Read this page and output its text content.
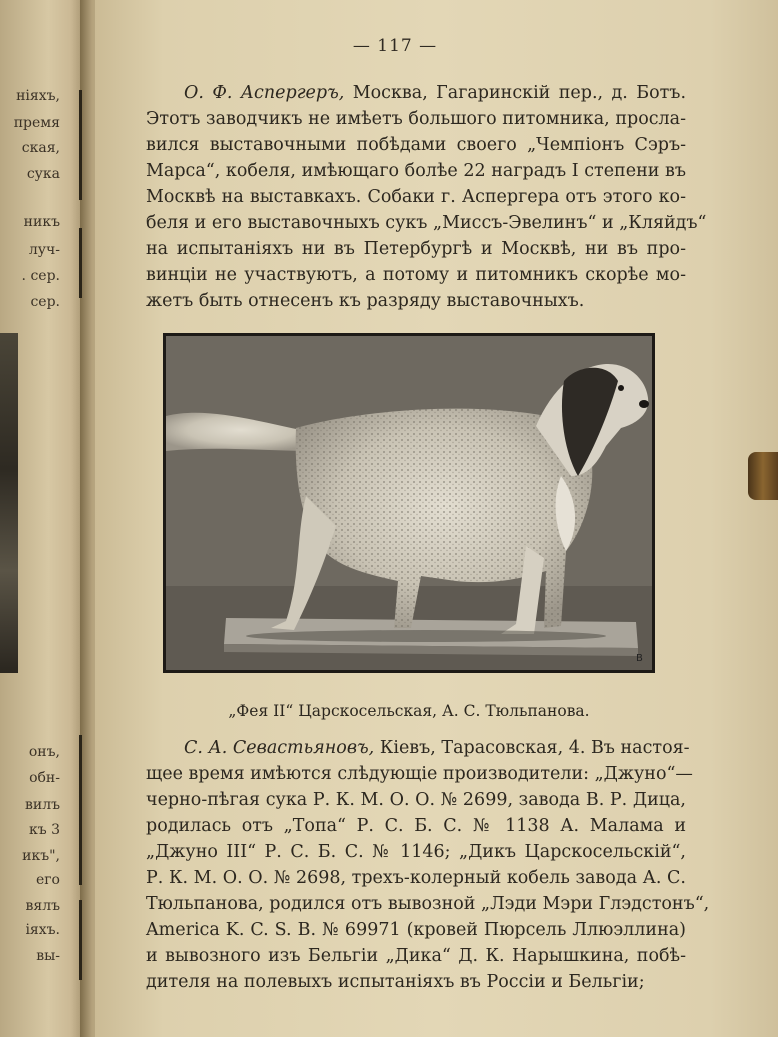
ніяхъ,
премя
ская,
сука
никъ
луч-
. сер.
сер.
онъ,
обн-
вилъ
къ 3
икъ",
его
вялъ
іяхъ.
вы-
— 117 —
О. Ф. Аспергеръ, Москва, Гагаринскій пер., д. Ботъ.
Этотъ заводчикъ не имѣетъ большого питомника, просла-
вился выставочными побѣдами своего „Чемпіонъ Сэръ-
Марса“, кобеля, имѣющаго болѣе 22 наградъ I степени въ
Москвѣ на выставкахъ. Собаки г. Аспергера отъ этого ко-
беля и его выставочныхъ сукъ „Миссъ-Эвелинъ“ и „Кляйдъ“
на испытаніяхъ ни въ Петербургѣ и Москвѣ, ни въ про-
винціи не участвуютъ, а потому и питомникъ скорѣе мо-
жетъ быть отнесенъ къ разряду выставочныхъ.
B
„Фея II“ Царскосельская, А. С. Тюльпанова.
С. А. Севастьяновъ, Кіевъ, Тарасовская, 4. Въ настоя-
щее время имѣются слѣдующіе производители: „Джуно“—
черно-пѣгая сука Р. К. М. О. О. № 2699, завода В. Р. Дица,
родилась отъ „Топа“ Р. С. Б. С. № 1138 А. Малама и
„Джуно III“ Р. С. Б. С. № 1146; „Дикъ Царскосельскій“,
Р. К. М. О. О. № 2698, трехъ-колерный кобель завода А. С.
Тюльпанова, родился отъ вывозной „Лэди Мэри Глэдстонъ“,
America K. C. S. B. № 69971 (кровей Пюрсель Ллюэллина)
и вывозного изъ Бельгіи „Дика“ Д. К. Нарышкина, побѣ-
дителя на полевыхъ испытаніяхъ въ Россіи и Бельгіи;
